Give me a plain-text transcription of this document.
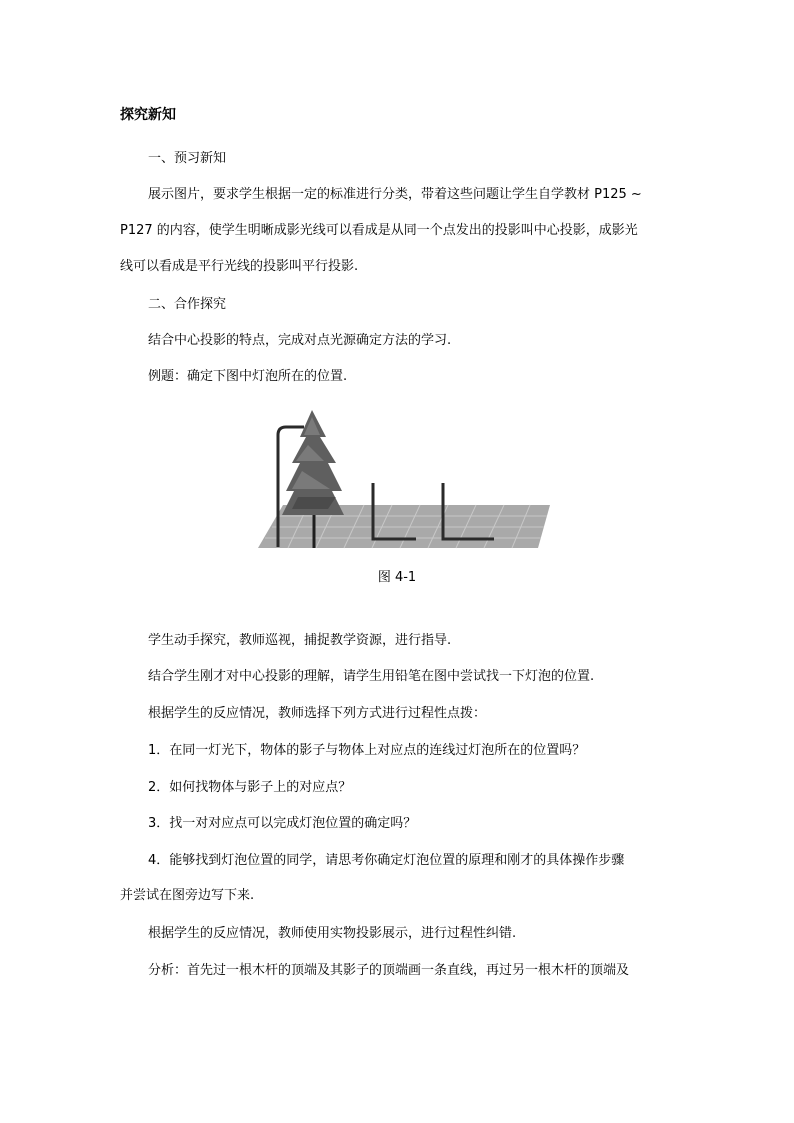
探究新知

一、预习新知

展示图片，要求学生根据一定的标准进行分类，带着这些问题让学生自学教材 P125 ~

P127 的内容，使学生明晰成影光线可以看成是从同一个点发出的投影叫中心投影，成影光

线可以看成是平行光线的投影叫平行投影.

二、合作探究

结合中心投影的特点，完成对点光源确定方法的学习.

例题：确定下图中灯泡所在的位置.

图 4-1

学生动手探究，教师巡视，捕捉教学资源，进行指导.

结合学生刚才对中心投影的理解，请学生用铅笔在图中尝试找一下灯泡的位置.

根据学生的反应情况，教师选择下列方式进行过程性点拨：

1．在同一灯光下，物体的影子与物体上对应点的连线过灯泡所在的位置吗？

2．如何找物体与影子上的对应点？

3．找一对对应点可以完成灯泡位置的确定吗？

4．能够找到灯泡位置的同学，请思考你确定灯泡位置的原理和刚才的具体操作步骤

并尝试在图旁边写下来.

根据学生的反应情况，教师使用实物投影展示，进行过程性纠错.

分析：首先过一根木杆的顶端及其影子的顶端画一条直线，再过另一根木杆的顶端及
